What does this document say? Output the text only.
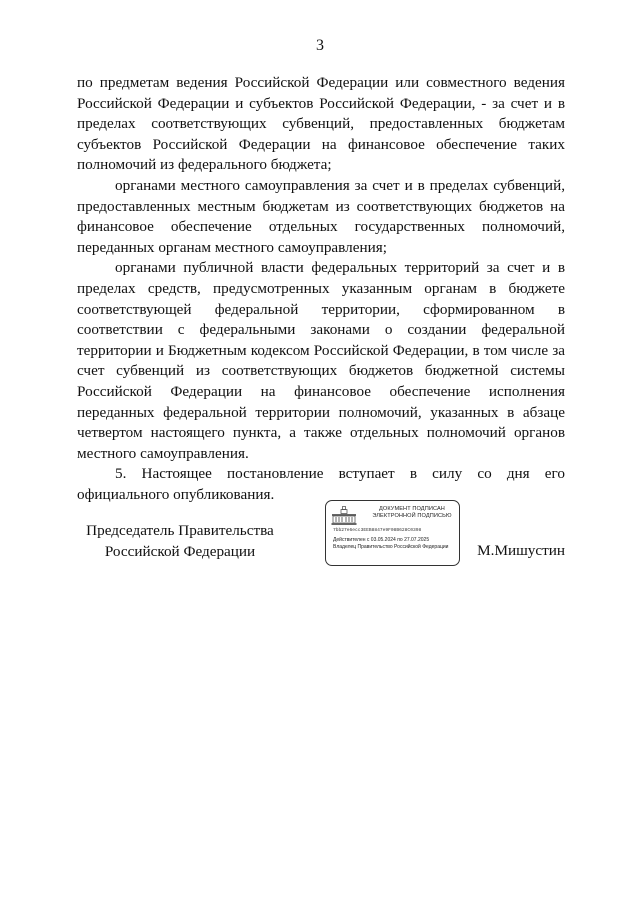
3

по предметам ведения Российской Федерации или совместного ведения Российской Федерации и субъектов Российской Федерации, - за счет и в пределах соответствующих субвенций, предоставленных бюджетам субъектов Российской Федерации на финансовое обеспечение таких полномочий из федерального бюджета;

органами местного самоуправления за счет и в пределах субвенций, предоставленных местным бюджетам из соответствующих бюджетов на финансовое обеспечение отдельных государственных полномочий, переданных органам местного самоуправления;

органами публичной власти федеральных территорий за счет и в пределах средств, предусмотренных указанным органам в бюджете соответствующей федеральной территории, сформированном в соответствии с федеральными законами о создании федеральной территории и Бюджетным кодексом Российской Федерации, в том числе за счет субвенций из соответствующих бюджетов бюджетной системы Российской Федерации на финансовое обеспечение исполнения переданных федеральной территории полномочий, указанных в абзаце четвертом настоящего пункта, а также отдельных полномочий органов местного самоуправления.

5. Настоящее постановление вступает в силу со дня его официального опубликования.

Председатель Правительства
Российской Федерации
ДОКУМЕНТ ПОДПИСАН
ЭЛЕКТРОННОЙ ПОДПИСЬЮ
7bb27e6ecc3EEB8847e9F08B628C0398
Действителен с 03.05.2024 по 27.07.2025
Владелец Правительство Российской Федерации	М.Мишустин
